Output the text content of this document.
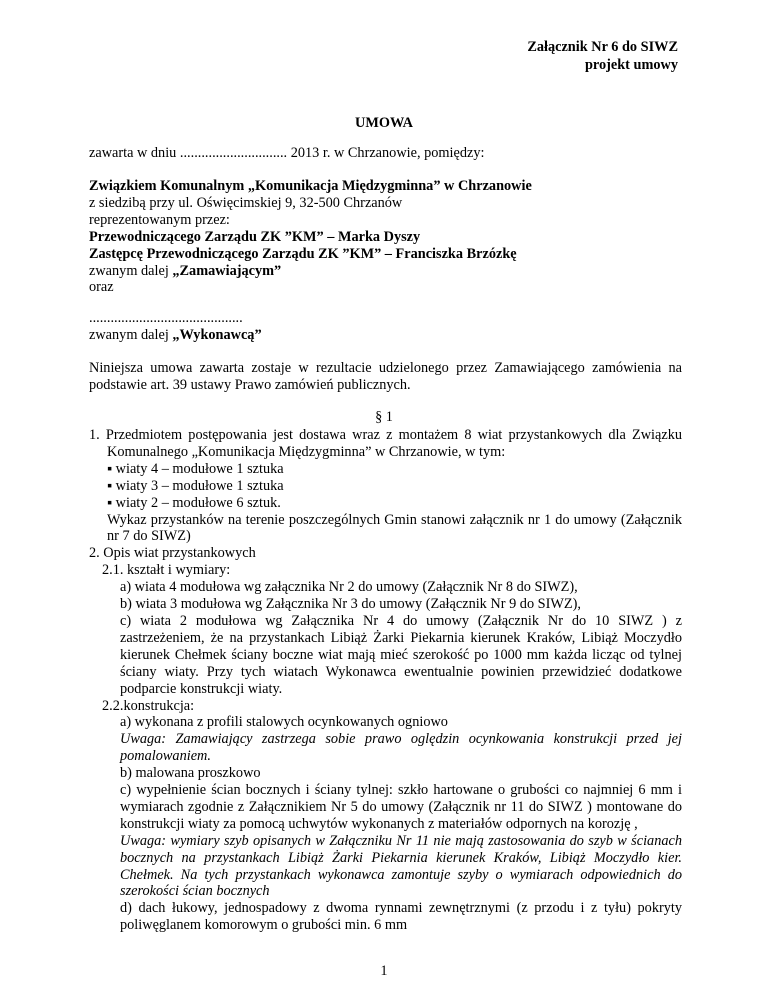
Załącznik Nr 6 do SIWZ
projekt umowy
UMOWA
zawarta w dniu .............................. 2013 r. w Chrzanowie, pomiędzy:
Związkiem Komunalnym „Komunikacja Międzygminna” w Chrzanowie
z siedzibą przy ul. Oświęcimskiej 9, 32-500 Chrzanów
reprezentowanym przez:
Przewodniczącego Zarządu ZK ”KM” – Marka Dyszy
Zastępcę Przewodniczącego Zarządu ZK ”KM” – Franciszka Brzózkę
zwanym dalej „Zamawiającym”
oraz
...........................................
zwanym dalej „Wykonawcą”
Niniejsza umowa zawarta zostaje w rezultacie udzielonego przez Zamawiającego zamówienia na podstawie art. 39 ustawy Prawo zamówień publicznych.
§ 1
1. Przedmiotem postępowania jest dostawa wraz z montażem 8 wiat przystankowych dla Związku Komunalnego „Komunikacja Międzygminna” w Chrzanowie, w tym:
▪ wiaty 4 – modułowe 1 sztuka
▪ wiaty 3 – modułowe 1 sztuka
▪ wiaty 2 – modułowe 6 sztuk.
Wykaz przystanków na terenie poszczególnych Gmin stanowi załącznik nr 1 do umowy (Załącznik nr 7 do SIWZ)
2. Opis wiat przystankowych
2.1. kształt i wymiary:
a) wiata 4 modułowa wg załącznika Nr 2 do umowy (Załącznik Nr 8 do SIWZ),
b) wiata 3 modułowa wg Załącznika Nr 3 do umowy (Załącznik Nr 9 do SIWZ),
c) wiata 2 modułowa wg Załącznika Nr 4 do umowy (Załącznik Nr do 10 SIWZ ) z zastrzeżeniem, że na przystankach Libiąż Żarki Piekarnia kierunek Kraków, Libiąż Moczydło kierunek Chełmek ściany boczne wiat mają mieć szerokość po 1000 mm każda licząc od tylnej ściany wiaty. Przy tych wiatach Wykonawca ewentualnie powinien przewidzieć dodatkowe podparcie konstrukcji wiaty.
2.2.konstrukcja:
a) wykonana z profili stalowych ocynkowanych ogniowo
Uwaga: Zamawiający zastrzega sobie prawo oględzin ocynkowania konstrukcji przed jej pomalowaniem.
b) malowana proszkowo
c) wypełnienie ścian bocznych i ściany tylnej: szkło hartowane o grubości co najmniej 6 mm i wymiarach zgodnie z Załącznikiem Nr 5 do umowy (Załącznik nr 11 do SIWZ ) montowane do konstrukcji wiaty za pomocą uchwytów wykonanych z materiałów odpornych na korozję ,
Uwaga: wymiary szyb opisanych w Załączniku Nr 11 nie mają zastosowania do szyb w ścianach bocznych na przystankach Libiąż Żarki Piekarnia kierunek Kraków, Libiąż Moczydło kier. Chełmek. Na tych przystankach wykonawca zamontuje szyby o wymiarach odpowiednich do szerokości ścian bocznych
d) dach łukowy, jednospadowy z dwoma rynnami zewnętrznymi (z przodu i z tyłu) pokryty poliwęglanem komorowym o grubości min. 6 mm
1
